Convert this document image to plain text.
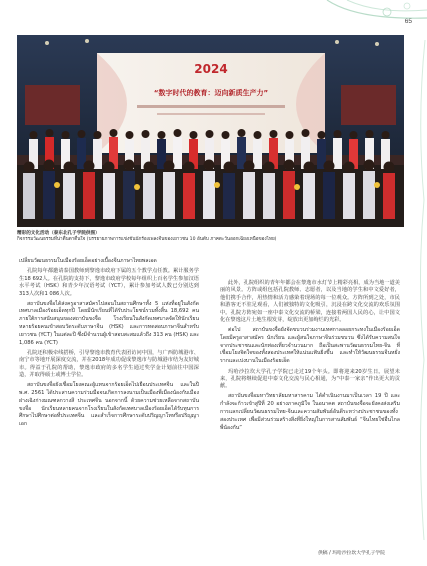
65
2024
“数字时代的教育：迈向新质生产力”
精彩的文化活动（泰东北孔子学院供图）
กิจกรรมวัฒนธรรมที่น่าตื่นตาตื่นใจ (บรรยายภาพการแข่งขันนักร้องเพลงจีนของเยาวชน 10 อันดับ ภาคตะวันออกเฉียงเหนือของไทย)

เปลี่ยนวัฒนธรรมในเมืองร้อยเอ็ดอย่างเบื้องจีนภาษาไทยพลเอด

孔院每年都邀请泰国教师到黎逸市政府下属的五个教学点任教。累计服务学生18 692人。在孔院的支持下，黎逸市政府学校每年组织上百名学生参加汉语水平考试（HSK）和青少年汉语考试（YCT），累计参加考试人数已分别达到313人次和1 086人次。

สถาบันขงจื่อได้ส่งครูอาสาสมัครไปสอนในสถานศึกษาทั้ง 5 แห่งที่อยู่ในสังกัดเทศบาลเมืองร้อยเอ็ดทุกปี โดยมีนักเรียนที่ได้รับประโยชน์รวมทั้งสิ้น 18,692 คน ภายใต้การสนับสนุนของสถาบันขงจื่อ โรงเรียนในสังกัดเทศบาลจัดให้นักเรียนหลายร้อยคนเข้าสอบวัดระดับภาษาจีน (HSK) และการทดสอบภาษาจีนสำหรับเยาวชน (YCT) ในแต่ละปี ซึ่งมีจำนวนผู้เข้าสอบสะสมแล้วถึง 313 คน (HSK) และ 1,086 คน (YCT)

孔院还积极牵线搭桥，引导黎逸市教育代表团访问中国，与广西防城港市、南宁市等地开展深度交流，并在2018年成功促成黎逸市与防城港市结为友好城市。得益于孔院的帮助，黎逸市政府的多名学生通过奖学金计划前往中国深造，并取得硕士或博士学位。

สถาบันขงจื่อยังเชื่อมโยงคณะผู้แทนจากร้อยเอ็ดไปเยือนประเทศจีน และในปี พ.ศ. 2561 ได้ประสานความร่วมมือจนเกิดการลงนามเป็นเมืองพี่เมืองน้องกับเมืองฝางเฉิงก่างมณฑลกวางสี ประเทศจีน นอกจากนี้ ด้วยความช่วยเหลือจากสถาบันขงจื่อ นักเรียนหลายคนจากโรงเรียนในสังกัดเทศบาลเมืองร้อยเอ็ดได้รับทุนการศึกษาไปศึกษาต่อที่ประเทศจีน และสำเร็จการศึกษาระดับปริญญาโทหรือปริญญาเอก

此外，孔院组织的青年年都会在黎逸市水灯节上精彩亮相，成为当地一道美丽的风景。方阵或组包括孔院教师、志愿者，以及当地的学生和中文爱好者，他们携手合作，用热情和活力感染着现场的每一位观众。方阵所到之处，市民和游客无不驻足观看，人们被独特的文化吸引，沉浸在跨文化交流的欢乐氛围中。孔院方阵宛如一座中泰文化交流的桥梁，连接着两国人民的心，让中国文化在黎逸这片土地生根发芽，绽放出更加绚烂的光彩。

ต่อไป สถาบันขงจื่อยังจัดขบวนร่วมงานเทศกาลลอยกระทงในเมืองร้อยเอ็ด โดยมีครูอาสาสมัคร นักเรียน และผู้สนใจภาษาจีนร่วมขบวน ซึ่งได้รับความสนใจจากประชาชนและนักท่องเที่ยวจำนวนมาก ถือเป็นสะพานวัฒนธรรมไทย-จีน ที่เชื่อมโยงจิตใจของทั้งสองประเทศให้แน่นแฟ้นยิ่งขึ้น และทำให้วัฒนธรรมจีนหยั่งรากและเบ่งบานในเมืองร้อยเอ็ด

玛哈沙拉坎大学孔子学院已走过19个年头。即将迎来20岁生日。展望未来，孔院将继续促进中泰文化交流与民心相通，为“中泰一家亲”作出更大的贡献。

สถาบันขงจื่อมหาวิทยาลัยมหาสารคาม ได้ดำเนินงานมาเป็นเวลา 19 ปี และกำลังจะก้าวเข้าสู่ปีที่ 20 อย่างภาคภูมิใจ ในอนาคต สถาบันขงจื่อจะยังคงส่งเสริมการแลกเปลี่ยนวัฒนธรรมไทย-จีนและความสัมพันธ์อันดีระหว่างประชาชนของทั้งสองประเทศ เพื่อมีส่วนร่วมสร้างสิ่งที่ยิ่งใหญ่ในการสานสัมพันธ์ “จีนไทยใช่อื่นไกล พี่น้องกัน”

供稿 / 玛哈沙拉坎大学孔子学院
